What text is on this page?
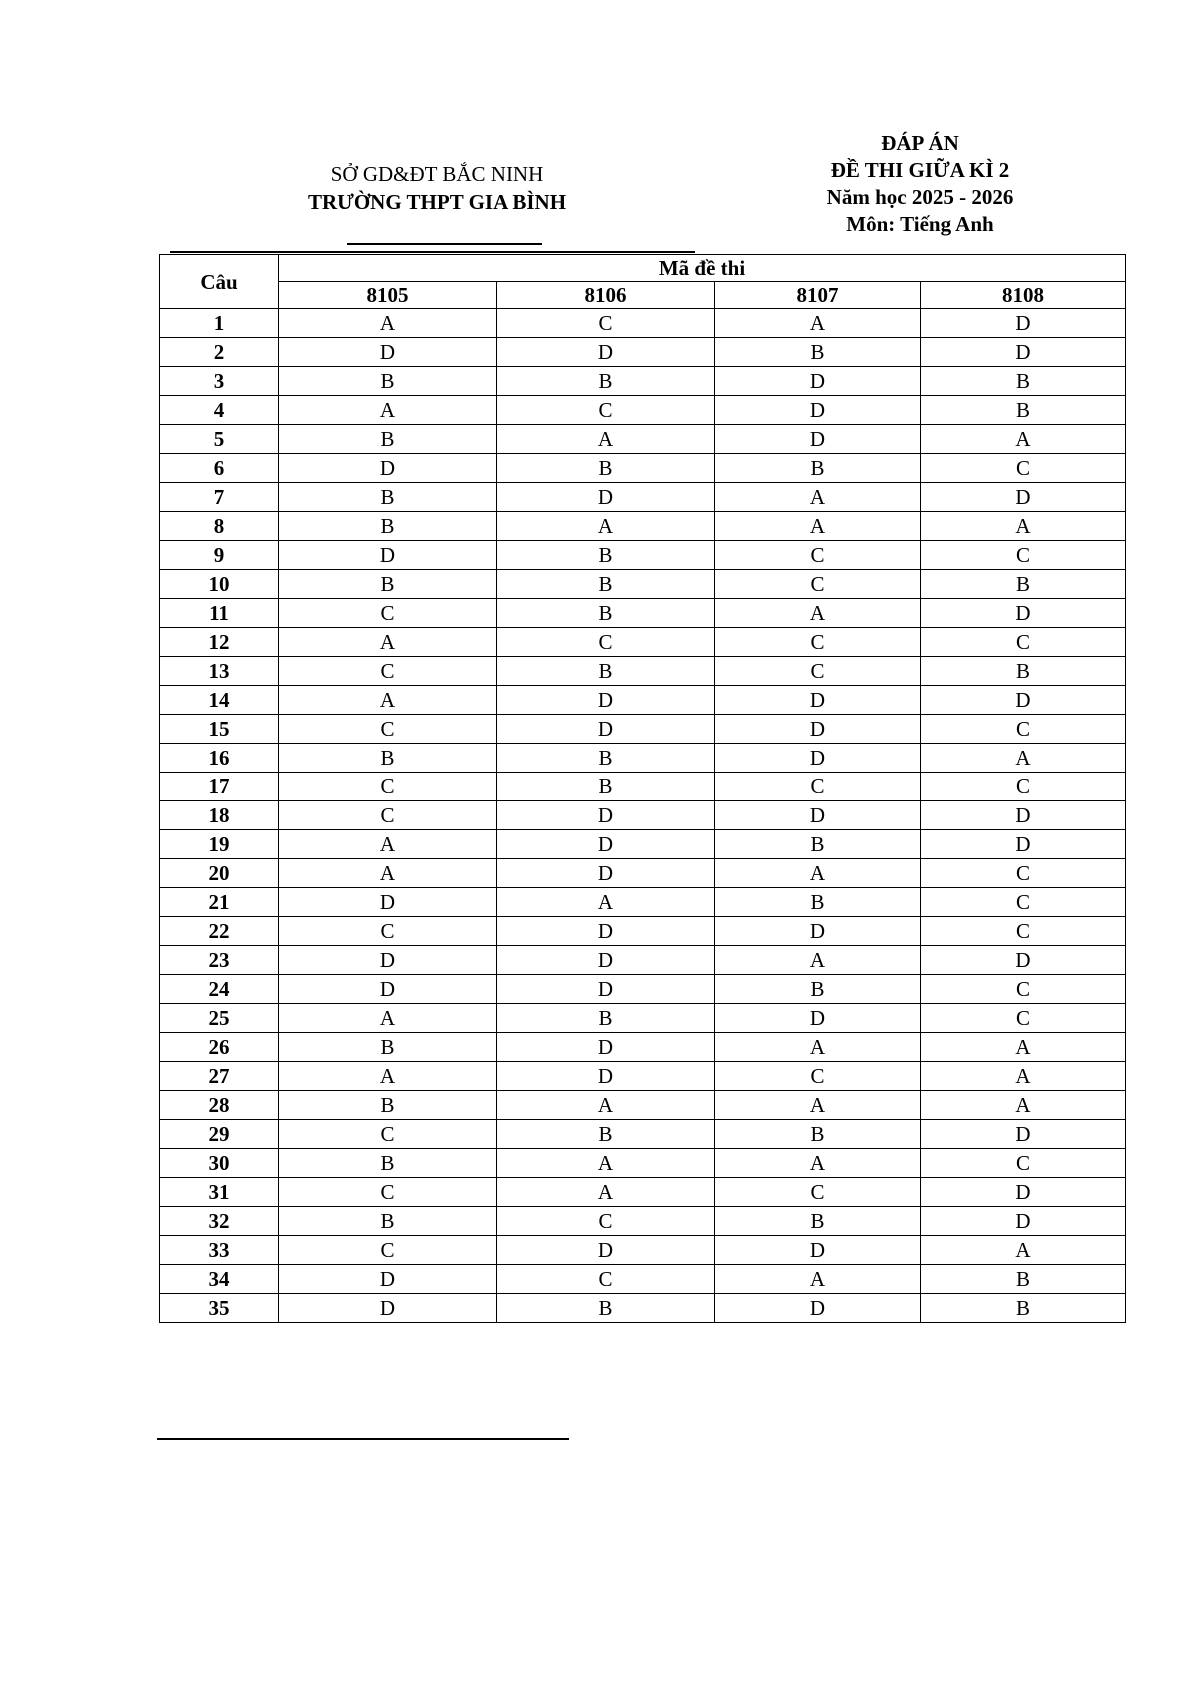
SỞ GD&ĐT BẮC NINH
TRƯỜNG THPT GIA BÌNH
ĐÁP ÁN
ĐỀ THI GIỮA KÌ 2
Năm học 2025 - 2026
Môn: Tiếng Anh
Câu	Mã đề thi			
	8105	8106	8107	8108
1	A	C	A	D
2	D	D	B	D
3	B	B	D	B
4	A	C	D	B
5	B	A	D	A
6	D	B	B	C
7	B	D	A	D
8	B	A	A	A
9	D	B	C	C
10	B	B	C	B
11	C	B	A	D
12	A	C	C	C
13	C	B	C	B
14	A	D	D	D
15	C	D	D	C
16	B	B	D	A
17	C	B	C	C
18	C	D	D	D
19	A	D	B	D
20	A	D	A	C
21	D	A	B	C
22	C	D	D	C
23	D	D	A	D
24	D	D	B	C
25	A	B	D	C
26	B	D	A	A
27	A	D	C	A
28	B	A	A	A
29	C	B	B	D
30	B	A	A	C
31	C	A	C	D
32	B	C	B	D
33	C	D	D	A
34	D	C	A	B
35	D	B	D	B
